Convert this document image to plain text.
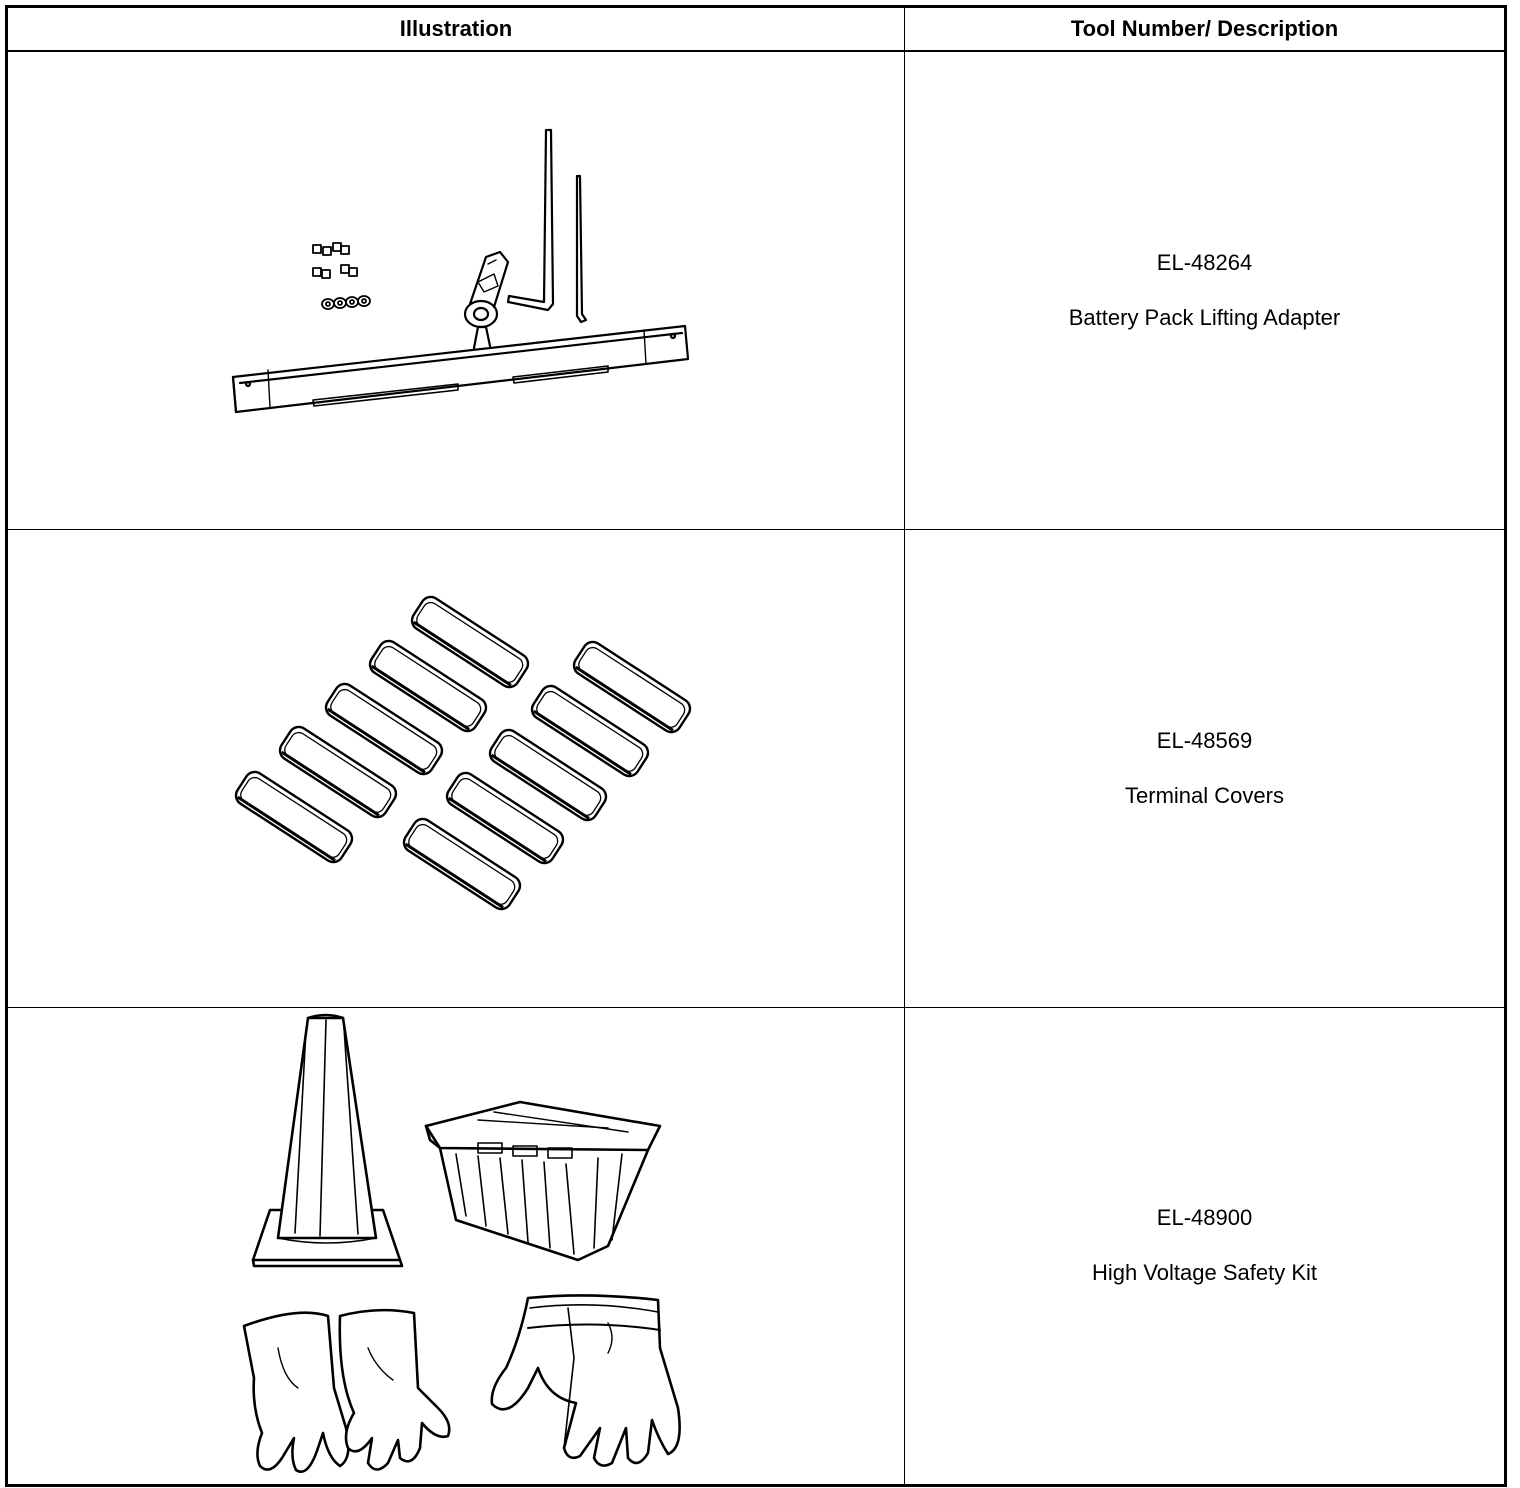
Illustration	Tool Number/ Description

EL-48264
Battery Pack Lifting Adapter

EL-48569
Terminal Covers

EL-48900
High Voltage Safety Kit
